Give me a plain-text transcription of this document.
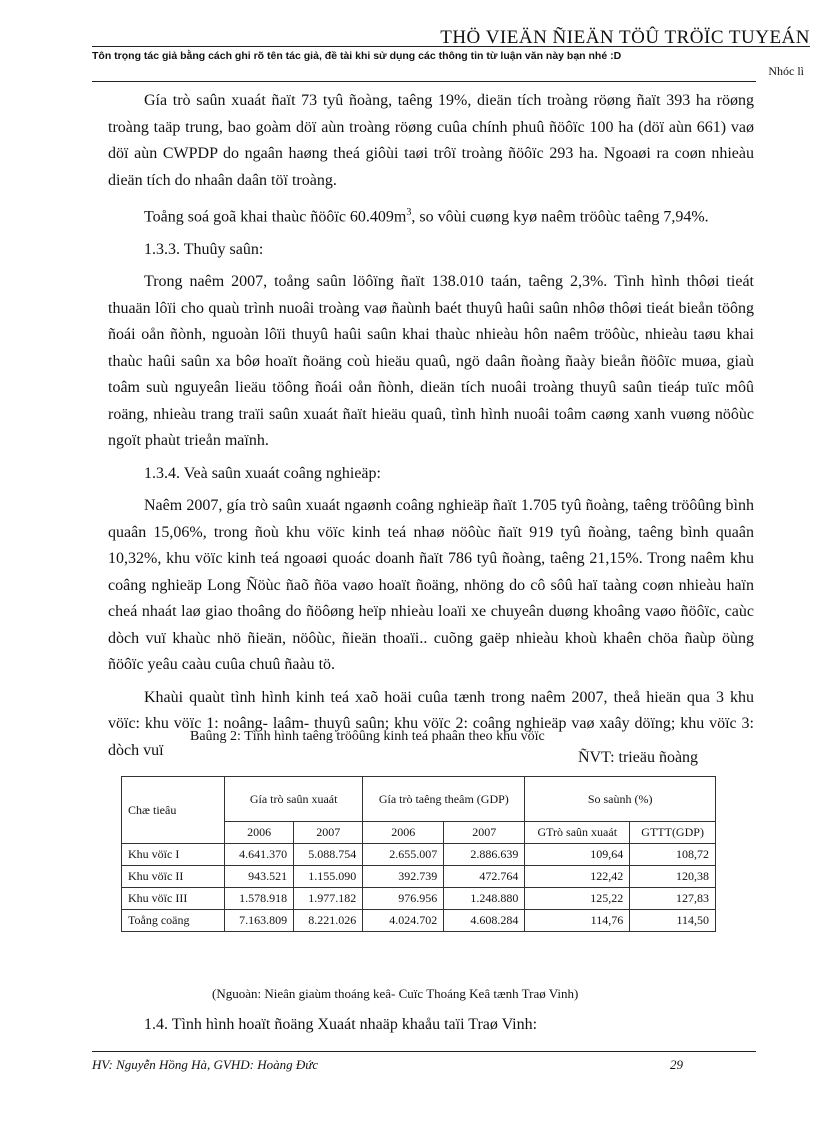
THÖ VIEÄN ÑIEÄN TÖÛ TRÖÏC TUYEÁN
Tôn trọng tác giả bằng cách ghi rõ tên tác giả, đề tài khi sử dụng các thông tin từ luận văn này bạn nhé :D
Nhóc lì

Gía trò saûn xuaát ñaït 73 tyû ñoàng, taêng 19%, dieän tích troàng röøng ñaït 393 ha röøng troàng taäp trung, bao goàm döï aùn troàng röøng cuûa chính phuû ñöôïc 100 ha (döï aùn 661) vaø döï aùn CWPDP do ngaân haøng theá giôùi taøi trôï troàng ñöôïc 293 ha. Ngoaøi ra coøn nhieàu dieän tích do nhaân daân töï troàng.

Toång soá goã khai thaùc ñöôïc $60.409m^3$, so vôùi cuøng kyø naêm tröôùc taêng 7,94%.

1.3.3. Thuûy saûn:

Trong naêm 2007, toång saûn löôïng ñaït 138.010 taán, taêng 2,3%. Tình hình thôøi tieát thuaän lôïi cho quaù trình nuoâi troàng vaø ñaùnh baét thuyû haûi saûn nhôø thôøi tieát bieån töông ñoái oån ñònh, nguoàn lôïi thuyû haûi saûn khai thaùc nhieàu hôn naêm tröôùc, nhieàu taøu khai thaùc haûi saûn xa bôø hoaït ñoäng coù hieäu quaû, ngö daân ñoàng ñaày bieån ñöôïc muøa, giaù toâm suù nguyeân lieäu töông ñoái oån ñònh, dieän tích nuoâi troàng thuyû saûn tieáp tuïc môû roäng, nhieàu trang traïi saûn xuaát ñaït hieäu quaû, tình hình nuoâi toâm caøng xanh vuøng nöôùc ngoït phaùt trieån maïnh.

1.3.4. Veà saûn xuaát coâng nghieäp:

Naêm 2007, gía trò saûn xuaát ngaønh coâng nghieäp ñaït 1.705 tyû ñoàng, taêng tröôûng bình quaân 15,06%, trong ñoù khu vöïc kinh teá nhaø nöôùc ñaït 919 tyû ñoàng, taêng bình quaân 10,32%, khu vöïc kinh teá ngoaøi quoác doanh ñaït 786 tyû ñoàng, taêng 21,15%. Trong naêm khu coâng nghieäp Long Ñöùc ñaõ ñöa vaøo hoaït ñoäng, nhöng do cô sôû haï taàng coøn nhieàu haïn cheá nhaát laø giao thoâng do ñöôøng heïp nhieàu loaïi xe chuyeân duøng khoâng vaøo ñöôïc, caùc dòch vuï khaùc nhö ñieän, nöôùc, ñieän thoaïi.. cuõng gaëp nhieàu khoù khaên chöa ñaùp öùng ñöôïc yeâu caàu cuûa chuû ñaàu tö.

Khaùi quaùt tình hình kinh teá xaõ hoäi cuûa tænh trong naêm 2007, theå hieän qua 3 khu vöïc: khu vöïc 1: noâng- laâm- thuyû saûn; khu vöïc 2: coâng nghieäp vaø xaây döïng; khu vöïc 3: dòch vuï

Baûng 2: Tình hình taêng tröôûng kinh teá phaân theo khu vöïc
ÑVT: trieäu ñoàng
Chæ tieâu	Gía trò saûn xuaát		Gía trò taêng theâm (GDP)		So saùnh (%)	
	2006	2007	2006	2007	GTrò saûn xuaát	GTTT(GDP)
Khu vöïc I	4.641.370	5.088.754	2.655.007	2.886.639	109,64	108,72
Khu vöïc II	943.521	1.155.090	392.739	472.764	122,42	120,38
Khu vöïc III	1.578.918	1.977.182	976.956	1.248.880	125,22	127,83
Toång coäng	7.163.809	8.221.026	4.024.702	4.608.284	114,76	114,50
(Nguoàn: Nieân giaùm thoáng keâ- Cuïc Thoáng Keâ tænh Traø Vinh)
1.4. Tình hình hoaït ñoäng Xuaát nhaäp khaåu taïi Traø Vinh:
HV: Nguyễn Hồng Hà, GVHD: Hoàng Đức	29
